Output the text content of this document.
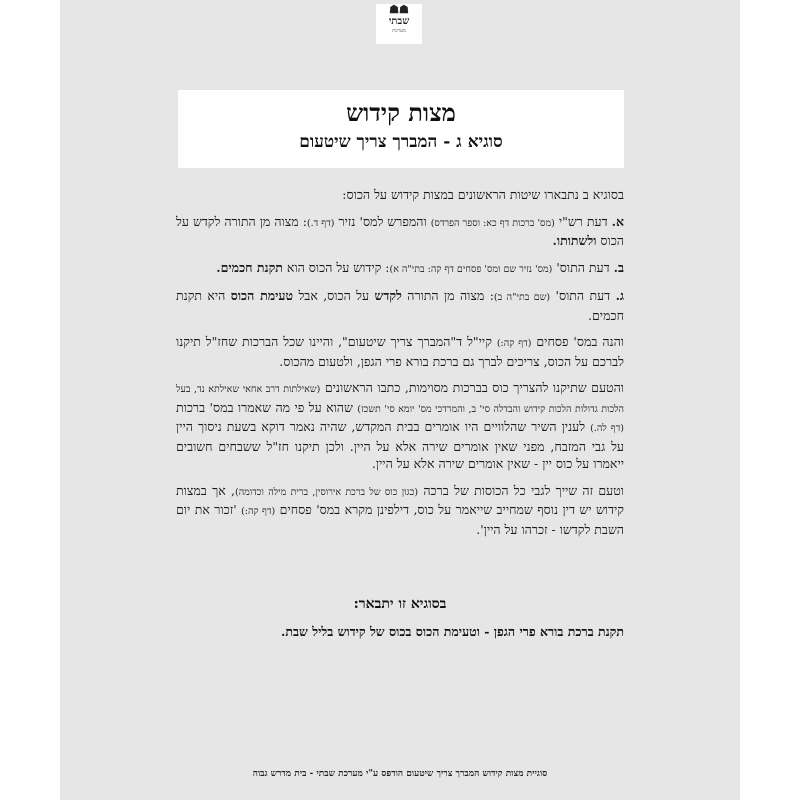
☗☗
שבתי
מערכת
מצות קידוש
סוגיא ג - המברך צריך שיטעום

בסוגיא ב נתבארו שיטות הראשונים במצות קידוש על הכוס:

א. דעת רש"י (מס' ברכות דף כא: וספר הפרדס) והמפרש למס' נזיר (דף ד.): מצוה מן התורה לקדש על הכוס ולשתותו.

ב. דעת התוס' (מס' נזיר שם ומס' פסחים דף קה: בתי"ה א): קידוש על הכוס הוא תקנת חכמים.

ג. דעת התוס' (שם בתי"ה ב): מצוה מן התורה לקדש על הכוס, אבל טעימת הכוס היא תקנת חכמים.

והנה במס' פסחים (דף קה:) קיי"ל ד"המברך צריך שיטעום", והיינו שכל הברכות שחז"ל תיקנו לברכם על הכוס, צריכים לברך גם ברכת בורא פרי הגפן, ולטעום מהכוס.

והטעם שתיקנו להצריך כוס בברכות מסוימות, כתבו הראשונים (שאילתות דרב אחאי שאילתא נד, בעל הלכות גדולות הלכות קידוש והבדלה סי' ב, והמרדכי מס' יומא סי' תשכז) שהוא על פי מה שאמרו במס' ברכות (דף לה.) לענין השיר שהלוויים היו אומרים בבית המקדש, שהיה נאמר דוקא בשעת ניסוך היין על גבי המזבח, מפני שאין אומרים שירה אלא על היין. ולכן תיקנו חז"ל ששבחים חשובים ייאמרו על כוס יין - שאין אומרים שירה אלא על היין.

וטעם זה שייך לגבי כל הכוסות של ברכה (כגון כוס של ברכת אירוסין, ברית מילה וכדומה), אך במצות קידוש יש דין נוסף שמחייב שייאמר על כוס, דילפינן מקרא במס' פסחים (דף קה:) 'זכור את יום השבת לקדשו - זכרהו על היין'.

בסוגיא זו יתבאר:
תקנת ברכת בורא פרי הגפן - וטעימת הכוס בכוס של קידוש בליל שבת.
סוגיית מצות קידוש המברך צריך שיטעום הודפס ע"י מערכת שבתי - בית מדרש גבוה
